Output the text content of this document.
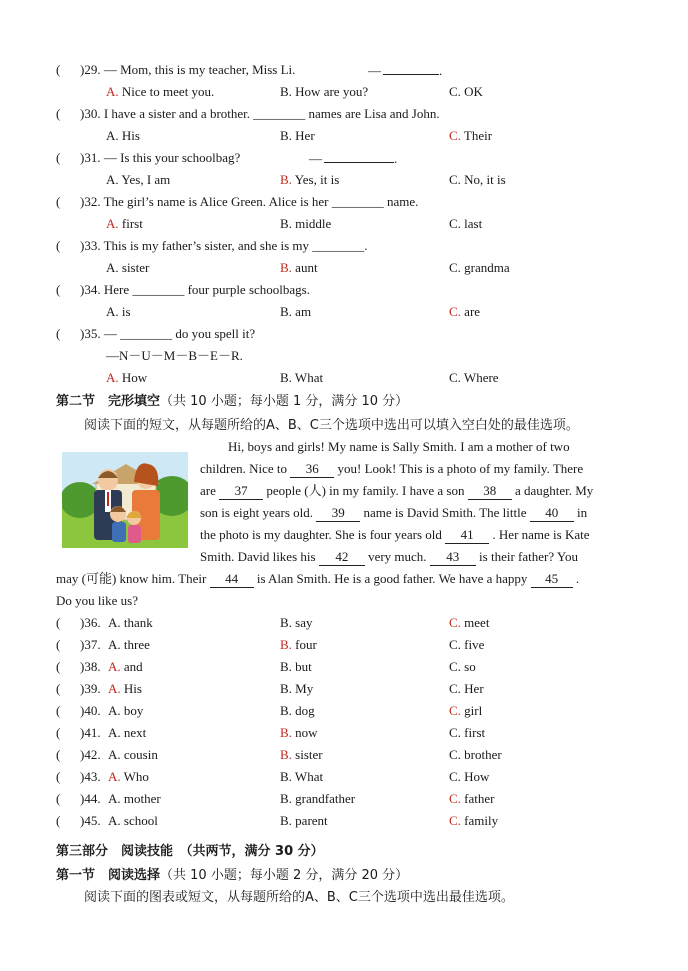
( )29. — Mom, this is my teacher, Miss Li.	—	.
A. Nice to meet you.	B. How are you?	C. OK
( )30. I have a sister and a brother. ________ names are Lisa and John.
A. His	B. Her	C. Their
( )31. — Is this your schoolbag?	—	.
A. Yes, I am	B. Yes, it is	C. No, it is
( )32. The girl’s name is Alice Green. Alice is her ________ name.
A. first	B. middle	C. last
( )33. This is my father’s sister, and she is my ________.
A. sister	B. aunt	C. grandma
( )34. Here ________ four purple schoolbags.
A. is	B. am	C. are
( )35. — ________ do you spell it?
—N－U－M－B－E－R.
A. How	B. What	C. Where
第二节　完形填空（共 10 小题；每小题 1 分，满分 10 分）
阅读下面的短文，从每题所给的A、B、C三个选项中选出可以填入空白处的最佳选项。
Hi, boys and girls! My name is Sally Smith. I am a mother of two
children. Nice to 36 you! Look! This is a photo of my family. There
are 37 people (人) in my family. I have a son 38 a daughter. My
son is eight years old. 39 name is David Smith. The little 40 in
the photo is my daughter. She is four years old 41 . Her name is Kate
Smith. David likes his 42 very much. 43 is their father? You
may (可能) know him. Their 44 is Alan Smith. He is a good father. We have a happy 45 .
Do you like us?
( )36. A. thank	B. say	C. meet
( )37. A. three	B. four	C. five
( )38. A. and	B. but	C. so
( )39. A. His	B. My	C. Her
( )40. A. boy	B. dog	C. girl
( )41. A. next	B. now	C. first
( )42. A. cousin	B. sister	C. brother
( )43. A. Who	B. What	C. How
( )44. A. mother	B. grandfather	C. father
( )45. A. school	B. parent	C. family
第三部分　阅读技能　（共两节，满分 30 分）
第一节　阅读选择（共 10 小题；每小题 2 分，满分 20 分）
阅读下面的图表或短文，从每题所给的A、B、C三个选项中选出最佳选项。
